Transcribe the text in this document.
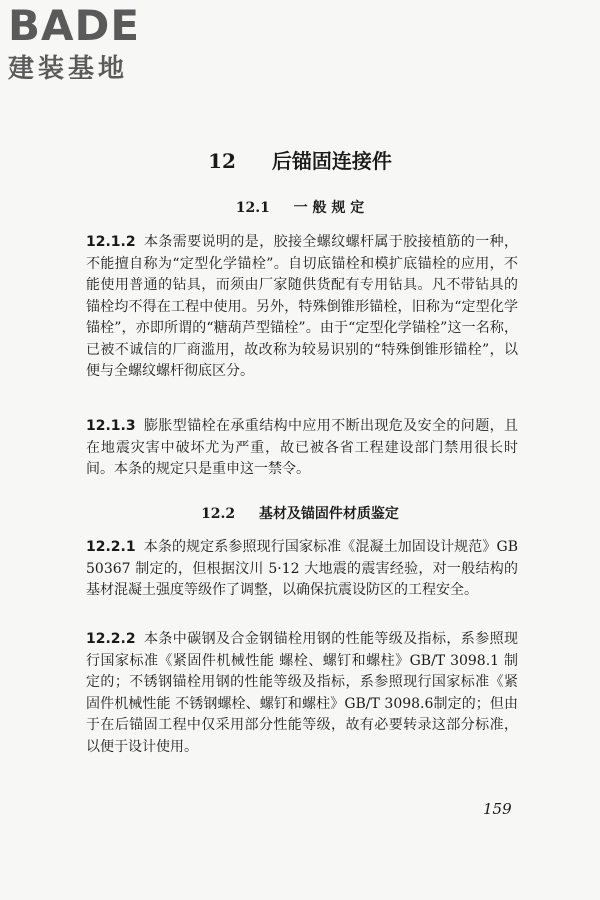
BADE
建装基地
12 后锚固连接件
12.1 一 般 规 定

12.1.2 本条需要说明的是，胶接全螺纹螺杆属于胶接植筋的一种，不能擅自称为“定型化学锚栓”。自切底锚栓和模扩底锚栓的应用，不能使用普通的钻具，而须由厂家随供货配有专用钻具。凡不带钻具的锚栓均不得在工程中使用。另外，特殊倒锥形锚栓，旧称为“定型化学锚栓”，亦即所谓的“糖葫芦型锚栓”。由于“定型化学锚栓”这一名称，已被不诚信的厂商滥用，故改称为较易识别的“特殊倒锥形锚栓”，以便与全螺纹螺杆彻底区分。

12.1.3 膨胀型锚栓在承重结构中应用不断出现危及安全的问题，且在地震灾害中破坏尤为严重，故已被各省工程建设部门禁用很长时间。本条的规定只是重申这一禁令。

12.2 基材及锚固件材质鉴定

12.2.1 本条的规定系参照现行国家标准《混凝土加固设计规范》GB 50367 制定的，但根据汶川 5·12 大地震的震害经验，对一般结构的基材混凝土强度等级作了调整，以确保抗震设防区的工程安全。

12.2.2 本条中碳钢及合金钢锚栓用钢的性能等级及指标，系参照现行国家标准《紧固件机械性能 螺栓、螺钉和螺柱》GB/T 3098.1 制定的；不锈钢锚栓用钢的性能等级及指标，系参照现行国家标准《紧固件机械性能 不锈钢螺栓、螺钉和螺柱》GB/T 3098.6制定的；但由于在后锚固工程中仅采用部分性能等级，故有必要转录这部分标准，以便于设计使用。

159
